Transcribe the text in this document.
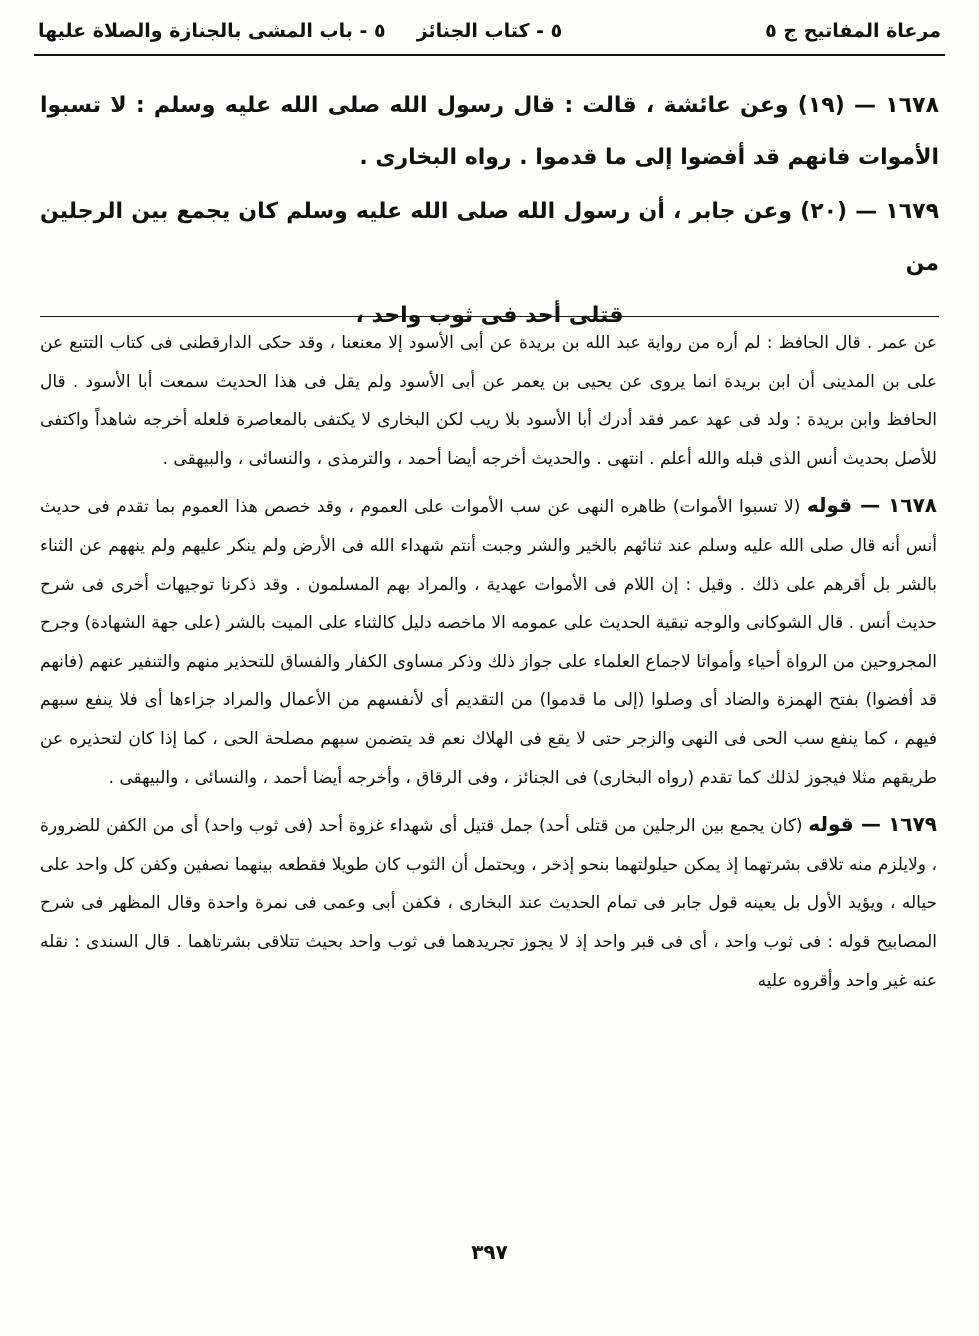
مرعاة المفاتيح ج ٥
٥ - كتاب الجنائز
٥ - باب المشى بالجنازة والصلاة عليها
١٦٧٨ — (١٩) وعن عائشة ، قالت : قال رسول الله صلى الله عليه وسلم : لا تسبوا الأموات فانهم قد أفضوا إلى ما قدموا . رواه البخارى .
١٦٧٩ — (٢٠) وعن جابر ، أن رسول الله صلى الله عليه وسلم كان يجمع بين الرجلين من
قتلى أحد فى ثوب واحد ،

عن عمر . قال الحافظ : لم أره من رواية عبد الله بن بريدة عن أبى الأسود إلا معنعنا ، وقد حكى الدارقطنى فى كتاب التتبع عن على بن المدينى أن ابن بريدة انما يروى عن يحيى بن يعمر عن أبى الأسود ولم يقل فى هذا الحديث سمعت أبا الأسود . قال الحافظ وابن بريدة : ولد فى عهد عمر فقد أدرك أبا الأسود بلا ريب لكن البخارى لا يكتفى بالمعاصرة فلعله أخرجه شاهداً واكتفى للأصل بحديث أنس الذى قبله والله أعلم . انتهى . والحديث أخرجه أيضا أحمد ، والترمذى ، والنسائى ، والبيهقى .

١٦٧٨ — قوله (لا تسبوا الأموات) ظاهره النهى عن سب الأموات على العموم ، وقد خصص هذا العموم بما تقدم فى حديث أنس أنه قال صلى الله عليه وسلم عند ثنائهم بالخير والشر وجبت أنتم شهداء الله فى الأرض ولم ينكر عليهم ولم ينههم عن الثناء بالشر بل أقرهم على ذلك . وقيل : إن اللام فى الأموات عهدية ، والمراد بهم المسلمون . وقد ذكرنا توجيهات أخرى فى شرح حديث أنس . قال الشوكانى والوجه تبقية الحديث على عمومه الا ماخصه دليل كالثناء على الميت بالشر (على جهة الشهادة) وجرح المجروحين من الرواة أحياء وأمواتا لاجماع العلماء على جواز ذلك وذكر مساوى الكفار والفساق للتحذير منهم والتنفير عنهم (فانهم قد أفضوا) بفتح الهمزة والضاد أى وصلوا (إلى ما قدموا) من التقديم أى لأنفسهم من الأعمال والمراد جزاءها أى فلا ينفع سبهم فيهم ، كما ينفع سب الحى فى النهى والزجر حتى لا يقع فى الهلاك نعم قد يتضمن سبهم مصلحة الحى ، كما إذا كان لتحذيره عن طريقهم مثلا فيجوز لذلك كما تقدم (رواه البخارى) فى الجنائز ، وفى الرقاق ، وأخرجه أيضا أحمد ، والنسائى ، والبيهقى .

١٦٧٩ — قوله (كان يجمع بين الرجلين من قتلى أحد) جمل قتيل أى شهداء غزوة أحد (فى ثوب واحد) أى من الكفن للضرورة ، ولايلزم منه تلاقى بشرتهما إذ يمكن حيلولتهما بنحو إذخر ، ويحتمل أن الثوب كان طويلا فقطعه بينهما نصفين وكفن كل واحد على حياله ، ويؤيد الأول بل يعينه قول جابر فى تمام الحديث عند البخارى ، فكفن أبى وعمى فى نمرة واحدة وقال المظهر فى شرح المصابيح قوله : فى ثوب واحد ، أى فى قبر واحد إذ لا يجوز تجريدهما فى ثوب واحد بحيث تتلاقى بشرتاهما . قال السندى : نقله عنه غير واحد وأقروه عليه

٣٩٧
